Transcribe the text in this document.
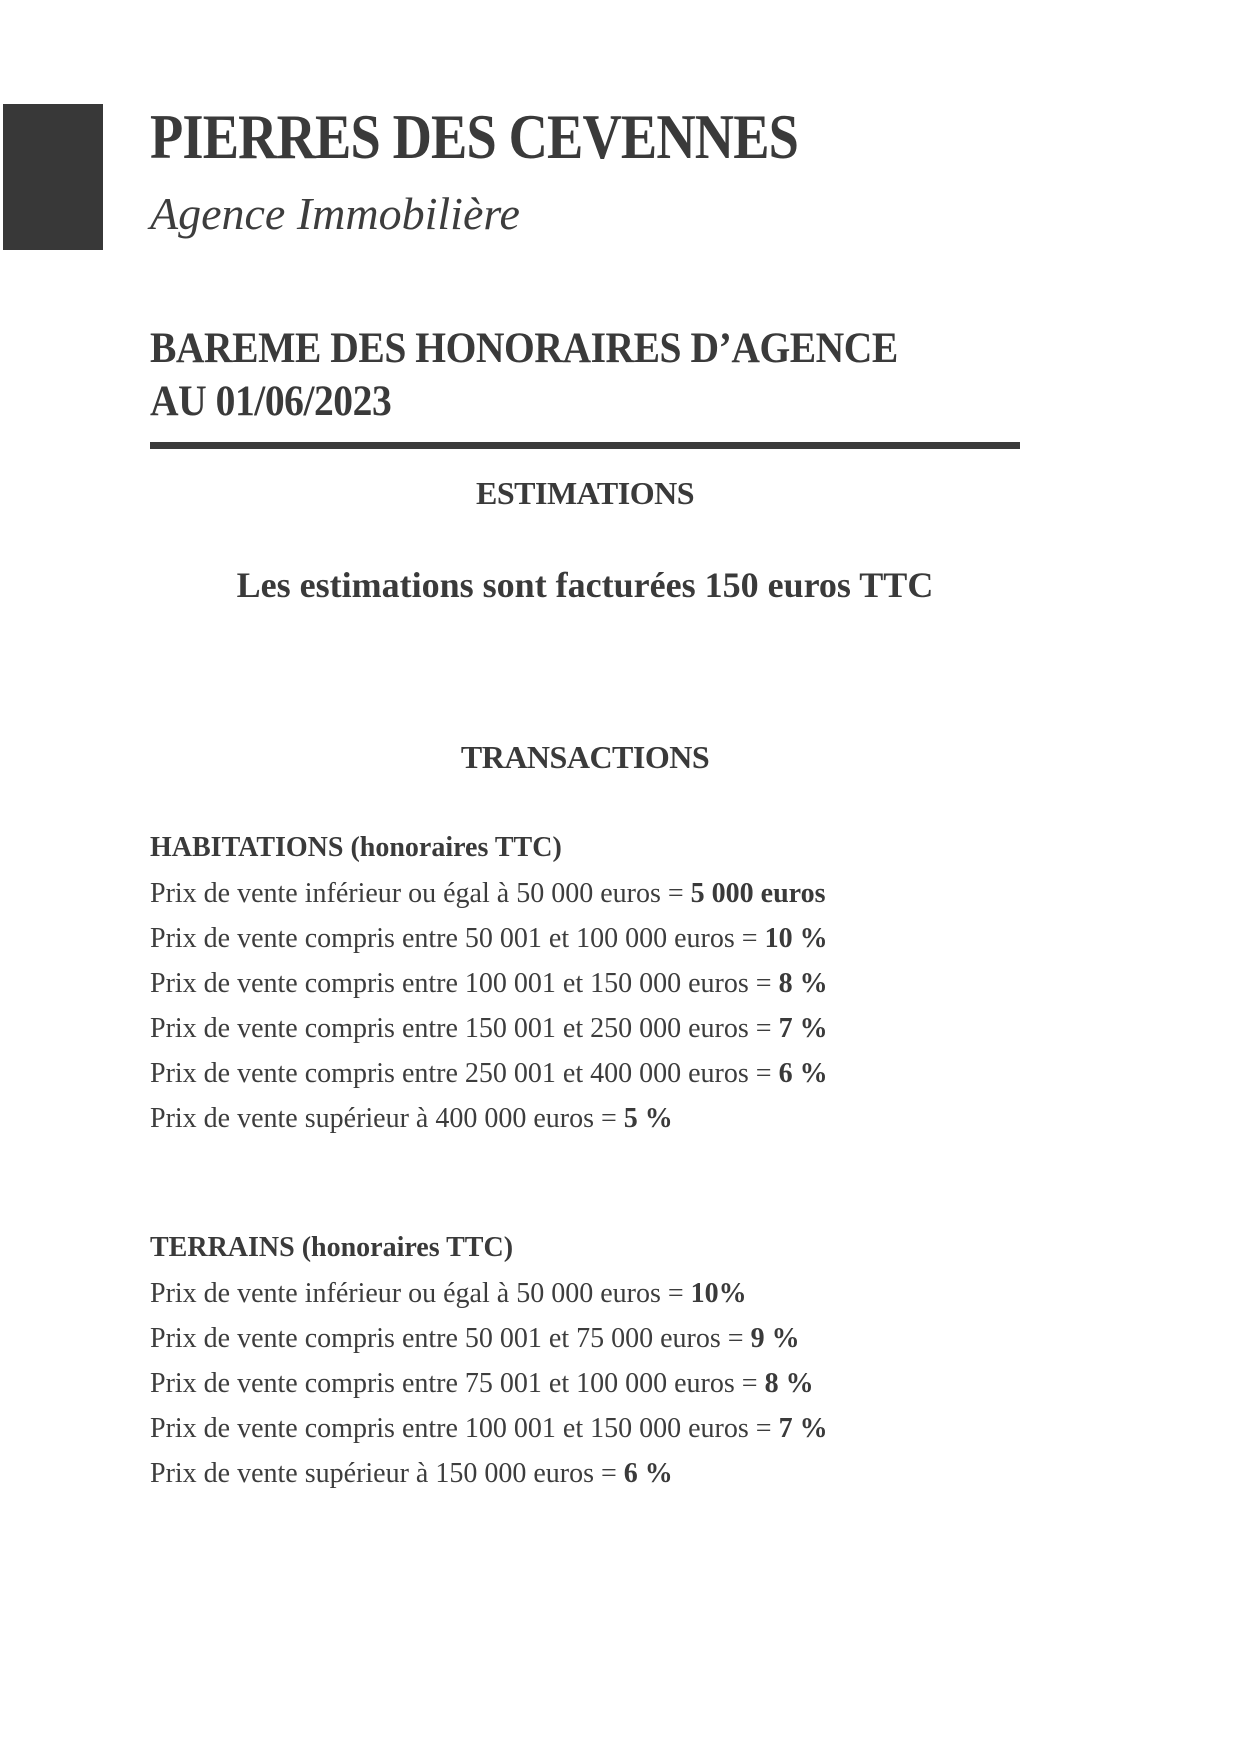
PIERRES DES CEVENNES
Agence Immobilière
BAREME DES HONORAIRES D’AGENCE
AU 01/06/2023
ESTIMATIONS
Les estimations sont facturées 150 euros TTC
TRANSACTIONS
HABITATIONS (honoraires TTC)

Prix de vente inférieur ou égal à 50 000 euros = 5 000 euros

Prix de vente compris entre 50 001 et 100 000 euros = 10 %

Prix de vente compris entre 100 001 et 150 000 euros = 8 %

Prix de vente compris entre 150 001 et 250 000 euros = 7 %

Prix de vente compris entre 250 001 et 400 000 euros = 6 %

Prix de vente supérieur à 400 000 euros = 5 %

TERRAINS (honoraires TTC)

Prix de vente inférieur ou égal à 50 000 euros = 10%

Prix de vente compris entre 50 001 et 75 000 euros = 9 %

Prix de vente compris entre 75 001 et 100 000 euros = 8 %

Prix de vente compris entre 100 001 et 150 000 euros = 7 %

Prix de vente supérieur à 150 000 euros = 6 %
